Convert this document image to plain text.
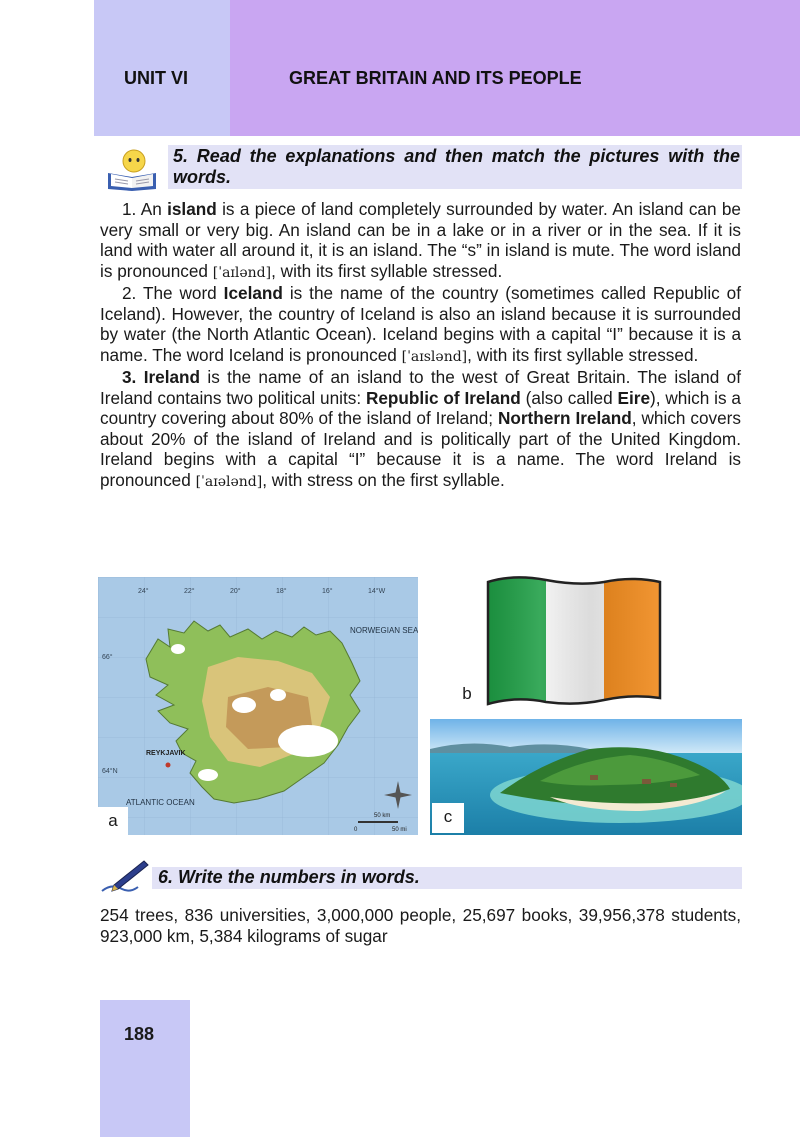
UNIT VI	GREAT BRITAIN AND ITS PEOPLE
5. Read the explanations and then match the pictures with the words.

1. An island is a piece of land completely surrounded by water. An island can be very small or very big. An island can be in a lake or in a river or in the sea. If it is land with water all around it, it is an island. The “s” in island is mute. The word island is pronounced [ˈaɪlənd], with its first syllable stressed.

2. The word Iceland is the name of the country (sometimes called Republic of Iceland). However, the country of Iceland is also an island because it is surrounded by water (the North Atlantic Ocean). Iceland begins with a capital “I” because it is a name. The word Iceland is pronounced [ˈaɪslənd], with its first syllable stressed.

3. Ireland is the name of an island to the west of Great Britain. The island of Ireland contains two political units: Republic of Ireland (also called Eire), which is a country covering about 80% of the island of Ireland; Northern Ireland, which covers about 20% of the island of Ireland and is politically part of the United Kingdom. Ireland begins with a capital “I” because it is a name. The word Ireland is pronounced [ˈaɪələnd], with stress on the first syllable.

24°	22°	20°	18°	16°	14°W
66°
64°N
NORWEGIAN SEA
ATLANTIC OCEAN
REYKJAVIK
50 km
50 mi
0
a
b
c
6. Write the numbers in words.

254 trees, 836 universities, 3,000,000 people, 25,697 books, 39,956,378 students, 923,000 km, 5,384 kilograms of sugar

188
